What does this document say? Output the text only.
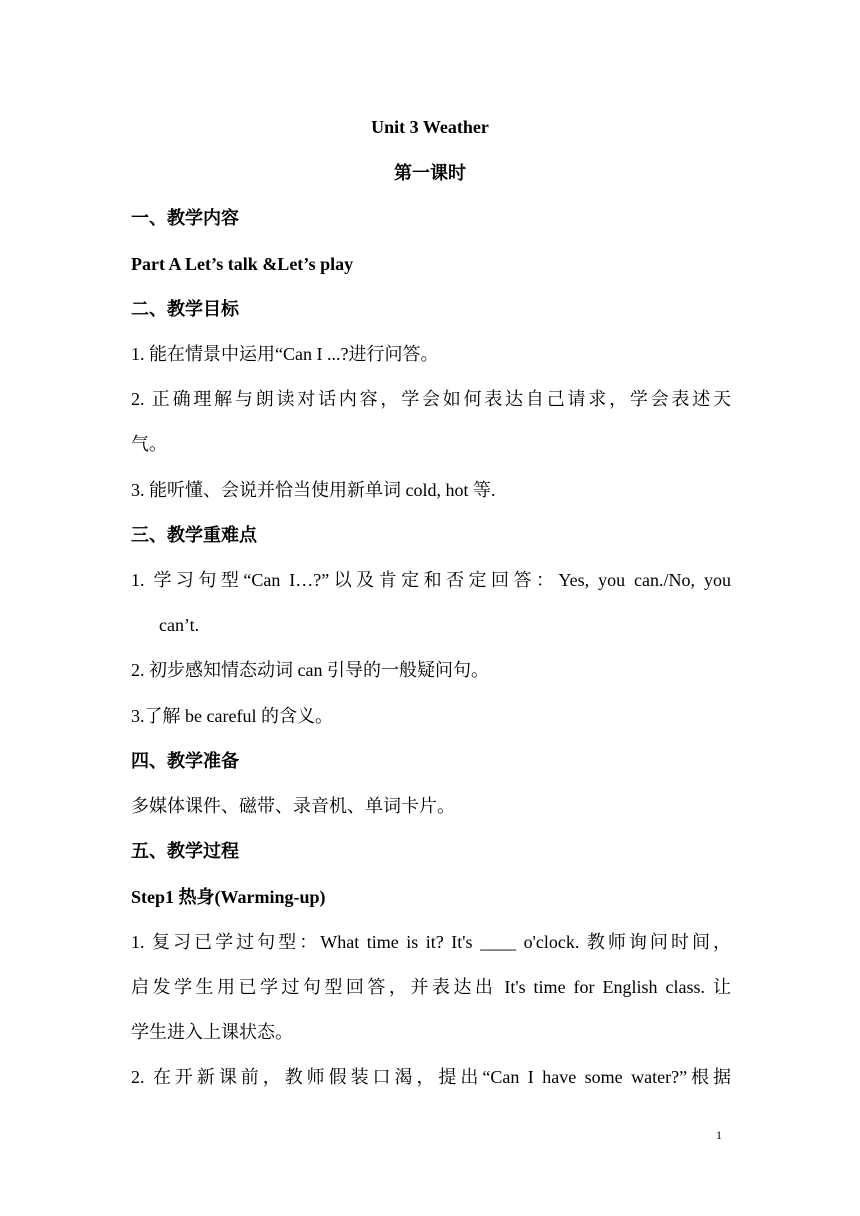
Unit 3 Weather
第一课时
一、教学内容
Part A Let’s talk &Let’s play
二、教学目标
1. 能在情景中运用“Can I ...?进行问答。
2. 正确理解与朗读对话内容，学会如何表达自己请求，学会表述天
气。
3. 能听懂、会说并恰当使用新单词 cold, hot 等.
三、教学重难点
1. 学习句型“Can I…?”以及肯定和否定回答：Yes, you can./No, you
can’t.
2. 初步感知情态动词 can 引导的一般疑问句。
3.了解 be careful 的含义。
四、教学准备
多媒体课件、磁带、录音机、单词卡片。
五、教学过程
Step1 热身(Warming-up)
1. 复习已学过句型：What time is it? It's ____ o'clock. 教师询问时间，
启发学生用已学过句型回答，并表达出 It's time for English class. 让
学生进入上课状态。
2. 在开新课前，教师假装口渴，提出“Can I have some water?”根据
1
